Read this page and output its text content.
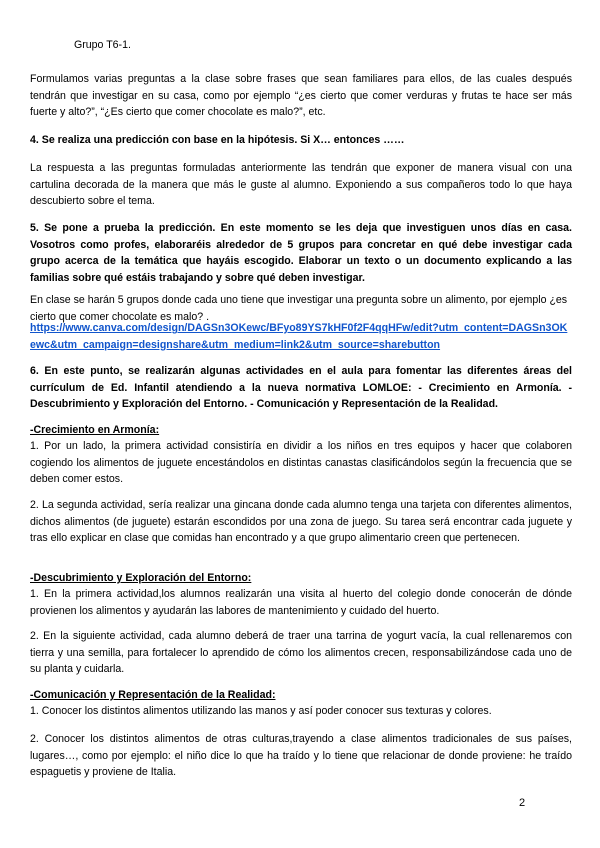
Grupo T6-1.
Formulamos varias preguntas a la clase sobre frases que sean familiares para ellos, de las cuales después tendrán que investigar en su casa, como por ejemplo “¿es cierto que comer verduras y frutas te hace ser más fuerte y alto?”, “¿Es cierto que comer chocolate es malo?”, etc.
4. Se realiza una predicción con base en la hipótesis. Si X… entonces ……
La respuesta a las preguntas formuladas anteriormente las tendrán que exponer de manera visual con una cartulina decorada de la manera que más le guste al alumno. Exponiendo a sus compañeros todo lo que haya descubierto sobre el tema.
5. Se pone a prueba la predicción. En este momento se les deja que investiguen unos días en casa. Vosotros como profes, elaboraréis alrededor de 5 grupos para concretar en qué debe investigar cada grupo acerca de la temática que hayáis escogido. Elaborar un texto o un documento explicando a las familias sobre qué estáis trabajando y sobre qué deben investigar.
En clase se harán 5 grupos donde cada uno tiene que investigar una pregunta sobre un alimento, por ejemplo ¿es cierto que comer chocolate es malo? .
https://www.canva.com/design/DAGSn3OKewc/BFyo89YS7kHF0f2F4qqHFw/edit?utm_content=DAGSn3OKewc&utm_campaign=designshare&utm_medium=link2&utm_source=sharebutton
6. En este punto, se realizarán algunas actividades en el aula para fomentar las diferentes áreas del currículum de Ed. Infantil atendiendo a la nueva normativa LOMLOE: - Crecimiento en Armonía. - Descubrimiento y Exploración del Entorno. - Comunicación y Representación de la Realidad.
-Crecimiento en Armonía:
1. Por un lado, la primera actividad consistiría en dividir a los niños en tres equipos y hacer que colaboren cogiendo los alimentos de juguete encestándolos en distintas canastas clasificándolos según la frecuencia que se deben comer estos.
2. La segunda actividad, sería realizar una gincana donde cada alumno tenga una tarjeta con diferentes alimentos, dichos alimentos (de juguete) estarán escondidos por una zona de juego. Su tarea será encontrar cada juguete y tras ello explicar en clase que comidas han encontrado y a que grupo alimentario creen que pertenecen.
-Descubrimiento y Exploración del Entorno:
1. En la primera actividad,los alumnos realizarán una visita al huerto del colegio donde conocerán de dónde provienen los alimentos y ayudarán las labores de mantenimiento y cuidado del huerto.
2. En la siguiente actividad, cada alumno deberá de traer una tarrina de yogurt vacía, la cual rellenaremos con tierra y una semilla, para fortalecer lo aprendido de cómo los alimentos crecen, responsabilizándose cada uno de su planta y cuidarla.
-Comunicación y Representación de la Realidad:
1. Conocer los distintos alimentos utilizando las manos y así poder conocer sus texturas y colores.
2. Conocer los distintos alimentos de otras culturas,trayendo a clase alimentos tradicionales de sus países, lugares…, como por ejemplo: el niño dice lo que ha traído y lo tiene que relacionar de donde proviene: he traído espaguetis y proviene de Italia.
2
